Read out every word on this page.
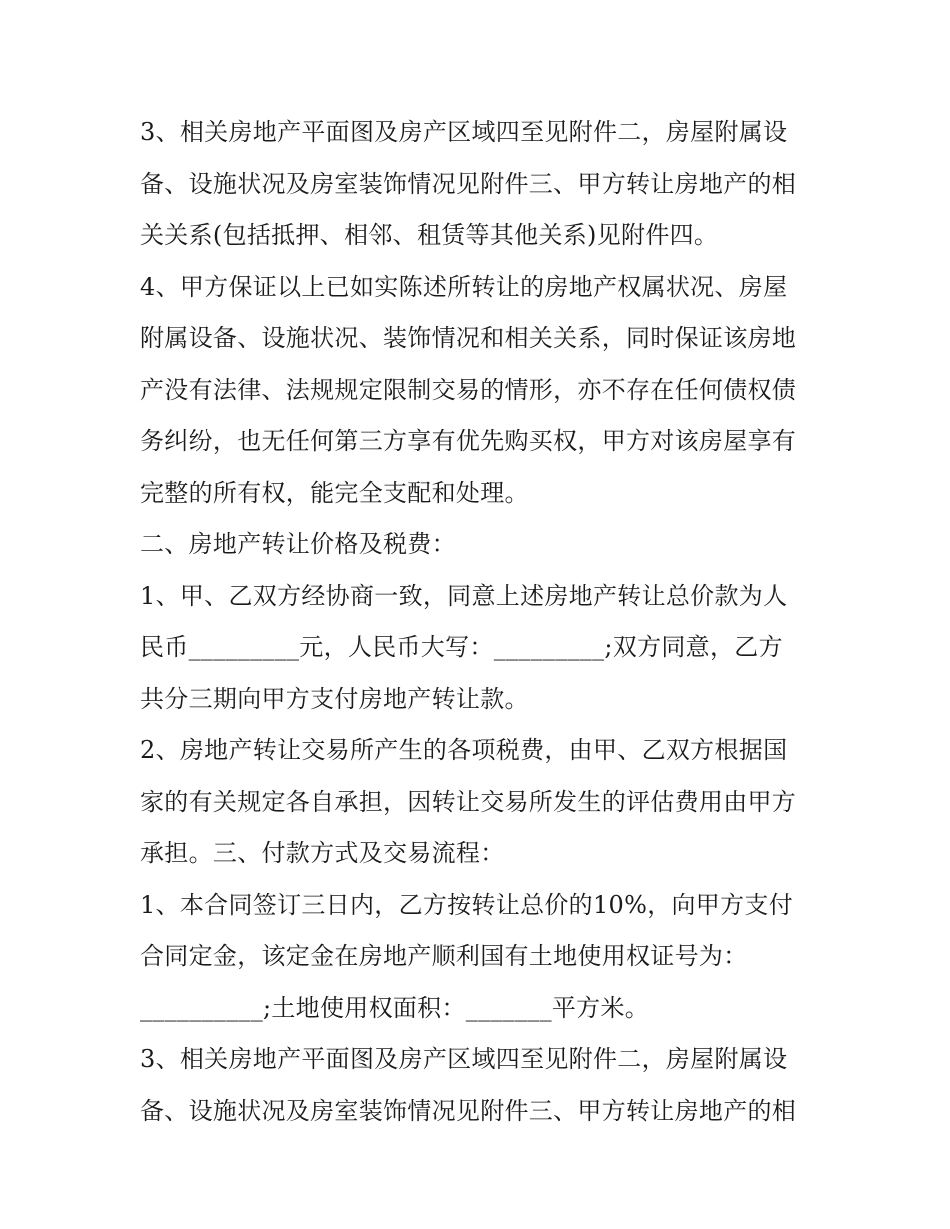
3、相关房地产平面图及房产区域四至见附件二，房屋附属设
备、设施状况及房室装饰情况见附件三、甲方转让房地产的相
关关系(包括抵押、相邻、租赁等其他关系)见附件四。
4、甲方保证以上已如实陈述所转让的房地产权属状况、房屋
附属设备、设施状况、装饰情况和相关关系，同时保证该房地
产没有法律、法规规定限制交易的情形，亦不存在任何债权债
务纠纷，也无任何第三方享有优先购买权，甲方对该房屋享有
完整的所有权，能完全支配和处理。
二、房地产转让价格及税费：
1、甲、乙双方经协商一致，同意上述房地产转让总价款为人
民币_________元，人民币大写：_________;双方同意，乙方
共分三期向甲方支付房地产转让款。
2、房地产转让交易所产生的各项税费，由甲、乙双方根据国
家的有关规定各自承担，因转让交易所发生的评估费用由甲方
承担。三、付款方式及交易流程：
1、本合同签订三日内，乙方按转让总价的10%，向甲方支付
合同定金，该定金在房地产顺利国有土地使用权证号为：
__________;土地使用权面积：_______平方米。
3、相关房地产平面图及房产区域四至见附件二，房屋附属设
备、设施状况及房室装饰情况见附件三、甲方转让房地产的相
